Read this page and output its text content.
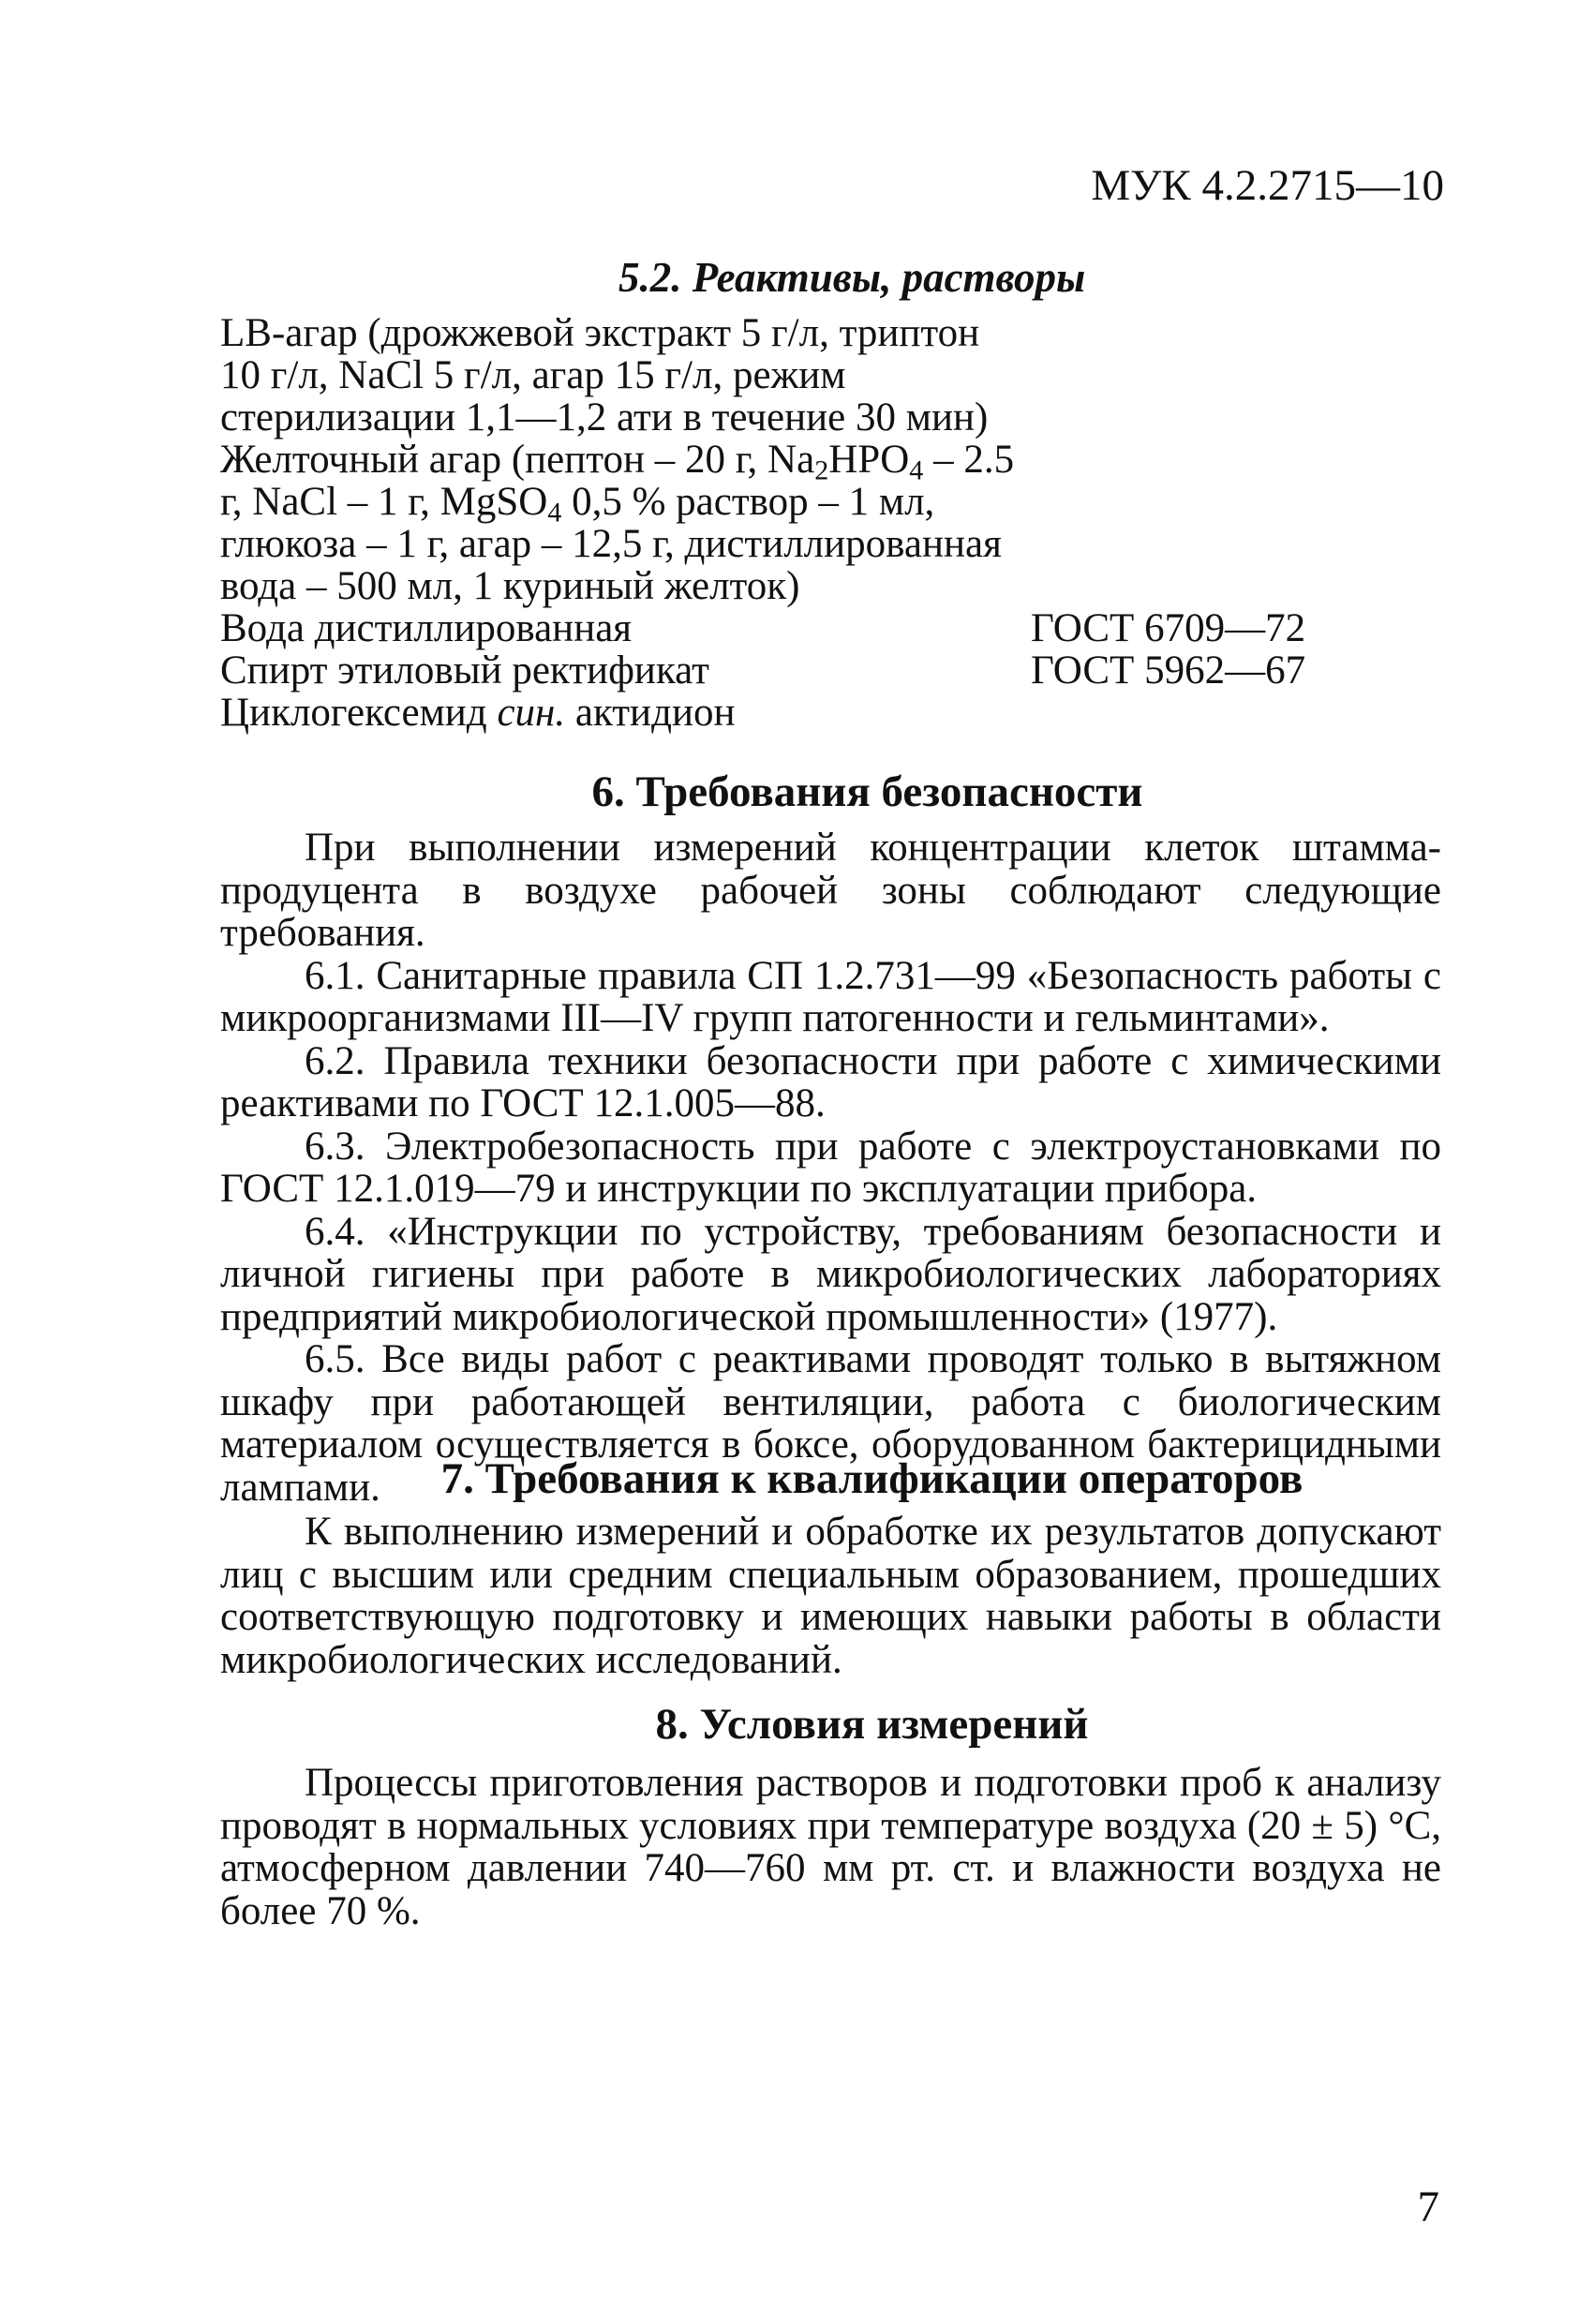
МУК 4.2.2715—10
5.2. Реактивы, растворы
LB-агар (дрожжевой экстракт 5 г/л, триптон 10 г/л, NaCl 5 г/л, агар 15 г/л, режим стерилизации 1,1—1,2 ати в течение 30 мин)
Желточный агар (пептон – 20 г, $Na_2HPO_4 - 2.5$ г, NaCl – 1 г, MgSO$_4$ 0,5 % раствор – 1 мл, глюкоза – 1 г, агар – 12,5 г, дистиллированная вода – 500 мл, 1 куриный желток)
Вода дистиллированная	ГОСТ 6709—72
Спирт этиловый ректификат	ГОСТ 5962—67
Циклогексемид син. актидион
6. Требования безопасности

При выполнении измерений концентрации клеток штамма-продуцента в воздухе рабочей зоны соблюдают следующие требования.

6.1. Санитарные правила СП 1.2.731—99 «Безопасность работы с микроорганизмами III—IV групп патогенности и гельминтами».

6.2. Правила техники безопасности при работе с химическими реактивами по ГОСТ 12.1.005—88.

6.3. Электробезопасность при работе с электроустановками по ГОСТ 12.1.019—79 и инструкции по эксплуатации прибора.

6.4. «Инструкции по устройству, требованиям безопасности и личной гигиены при работе в микробиологических лабораториях предприятий микробиологической промышленности» (1977).

6.5. Все виды работ с реактивами проводят только в вытяжном шкафу при работающей вентиляции, работа с биологическим материалом осуществляется в боксе, оборудованном бактерицидными лампами.	7. Требования к квалификации операторов

К выполнению измерений и обработке их результатов допускают лиц с высшим или средним специальным образованием, прошедших соответствующую подготовку и имеющих навыки работы в области микробиологических исследований.

8. Условия измерений

Процессы приготовления растворов и подготовки проб к анализу проводят в нормальных условиях при температуре воздуха (20 ± 5) °С, атмосферном давлении 740—760 мм рт. ст. и влажности воздуха не более 70 %.

7
